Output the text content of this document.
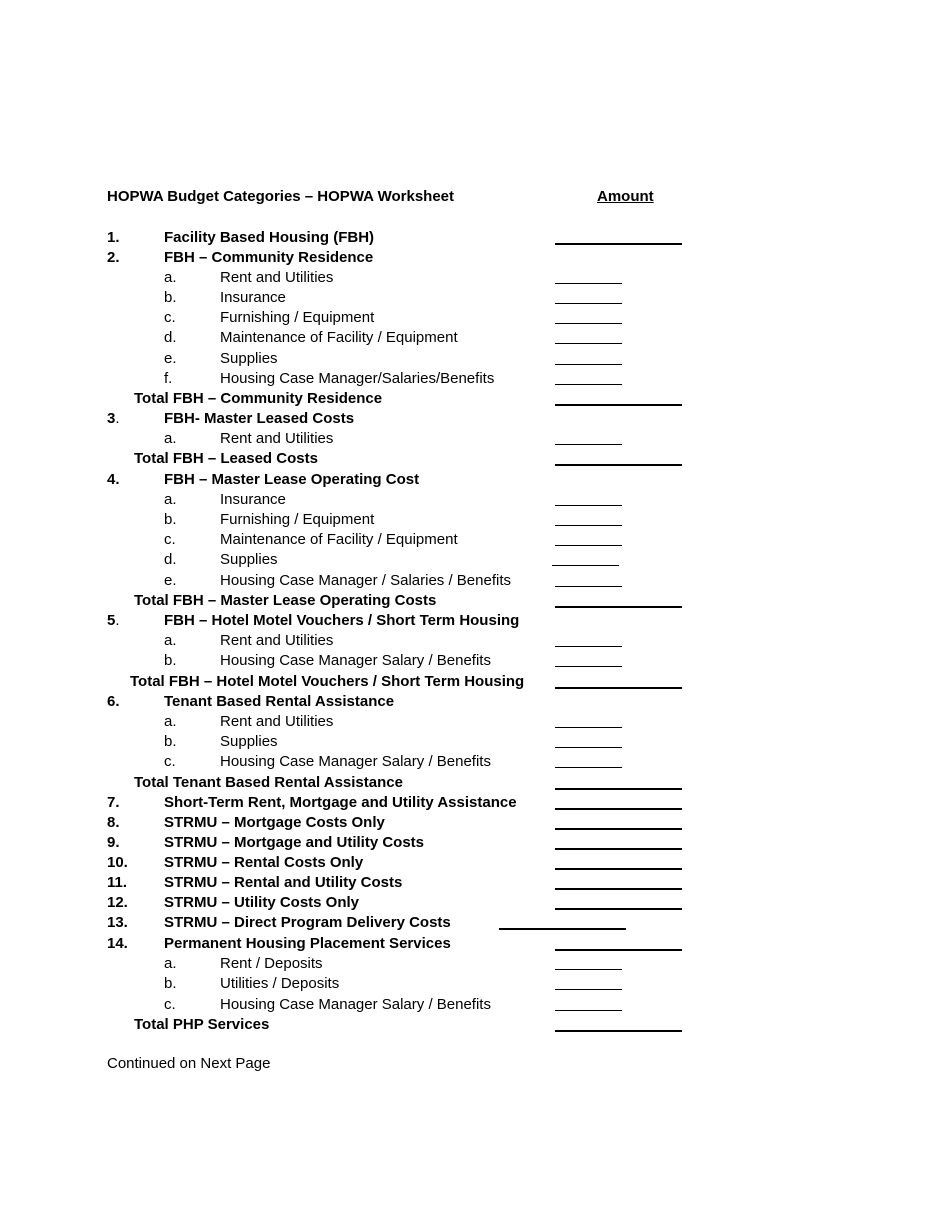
HOPWA Budget Categories – HOPWA Worksheet	Amount
1.	Facility Based Housing (FBH)
2.	FBH – Community Residence
a.	Rent and Utilities
b.	Insurance
c.	Furnishing / Equipment
d.	Maintenance of Facility / Equipment
e.	Supplies
f.	Housing Case Manager/Salaries/Benefits
Total FBH – Community Residence
3.	FBH- Master Leased Costs
a.	Rent and Utilities
Total FBH – Leased Costs
4.	FBH – Master Lease Operating Cost
a.	Insurance
b.	Furnishing / Equipment
c.	Maintenance of Facility / Equipment
d.	Supplies
e.	Housing Case Manager / Salaries / Benefits
Total FBH – Master Lease Operating Costs
5.	FBH – Hotel Motel Vouchers / Short Term Housing
a.	Rent and Utilities
b.	Housing Case Manager Salary / Benefits
Total FBH – Hotel Motel Vouchers / Short Term Housing
6.	Tenant Based Rental Assistance
a.	Rent and Utilities
b.	Supplies
c.	Housing Case Manager Salary / Benefits
Total Tenant Based Rental Assistance
7.	Short-Term Rent, Mortgage and Utility Assistance
8.	STRMU – Mortgage Costs Only
9.	STRMU – Mortgage and Utility Costs
10. STRMU – Rental Costs Only
11. STRMU – Rental and Utility Costs
12. STRMU – Utility Costs Only
13. STRMU – Direct Program Delivery Costs
14. Permanent Housing Placement Services
a.	Rent / Deposits
b.	Utilities / Deposits
c.	Housing Case Manager Salary / Benefits
Total PHP Services
Continued on Next Page
